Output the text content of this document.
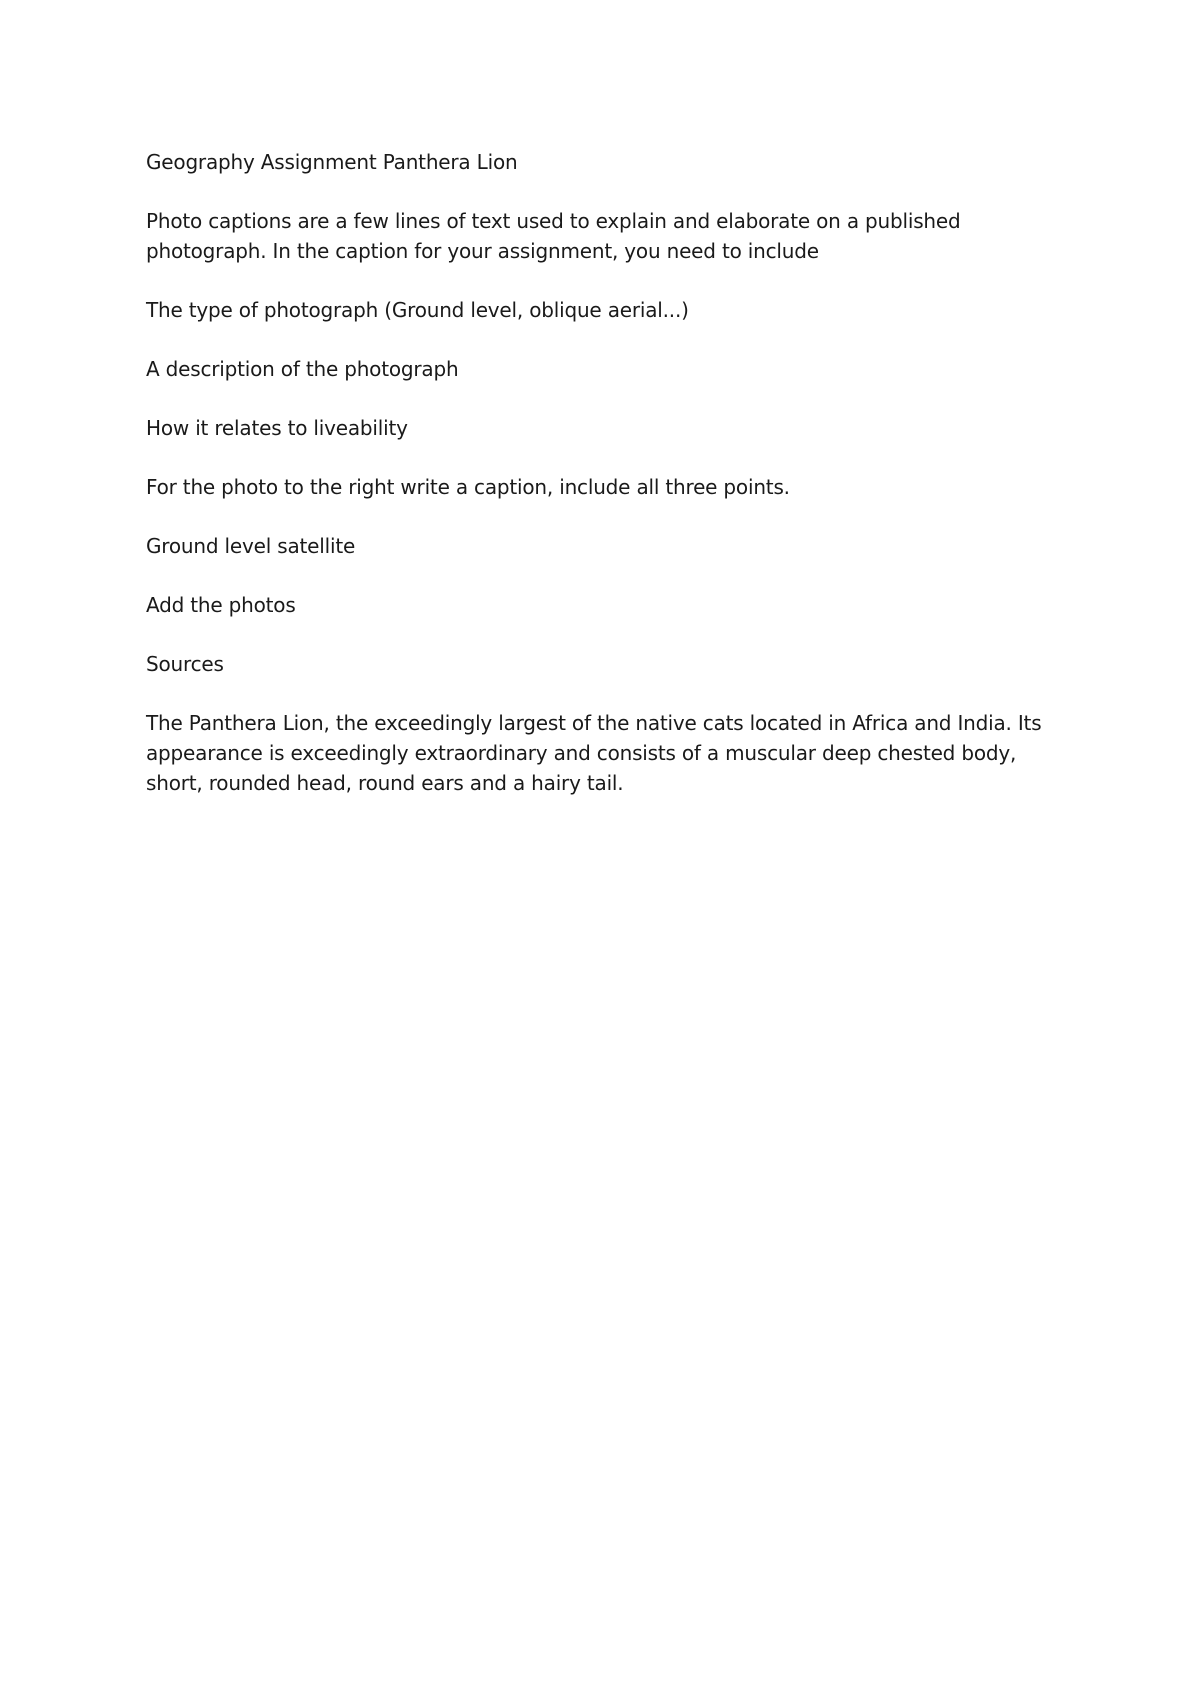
Geography Assignment Panthera Lion

Photo captions are a few lines of text used to explain and elaborate on a published photograph. In the caption for your assignment, you need to include

The type of photograph (Ground level, oblique aerial...)

A description of the photograph

How it relates to liveability

For the photo to the right write a caption, include all three points.

Ground level satellite

Add the photos

Sources

The Panthera Lion, the exceedingly largest of the native cats located in Africa and India. Its appearance is exceedingly extraordinary and consists of a muscular deep chested body, short, rounded head, round ears and a hairy tail.
